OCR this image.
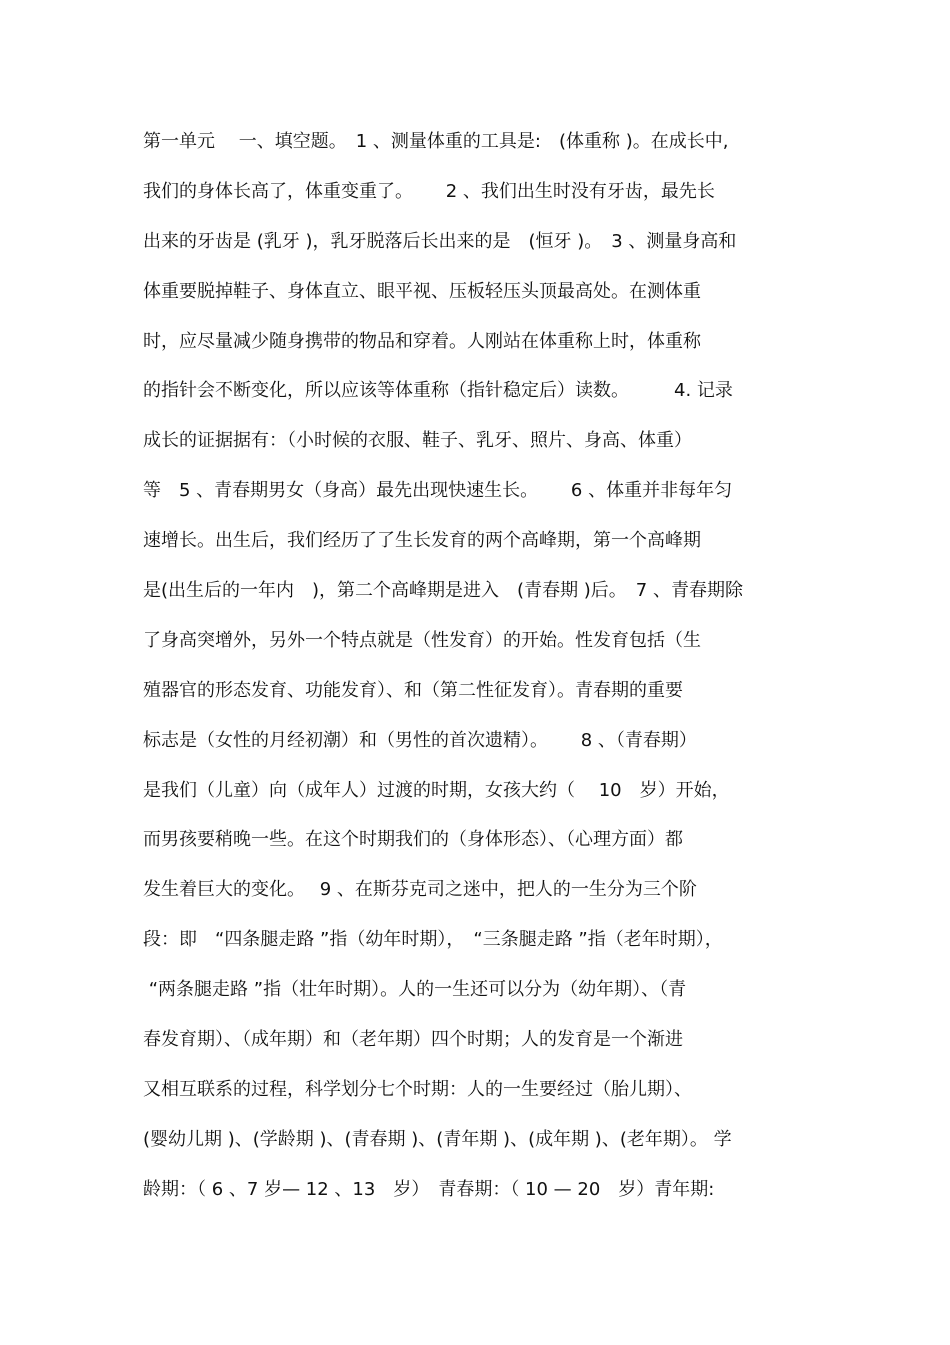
第一单元　 一、填空题。　1 、测量体重的工具是:　(体重称 )。在成长中,
我们的身体长高了，体重变重了。　　 2 、我们出生时没有牙齿，最先长
出来的牙齿是 (乳牙 )，乳牙脱落后长出来的是　(恒牙 )。　3 、测量身高和
体重要脱掉鞋子、身体直立、眼平视、压板轻压头顶最高处。在测体重
时，应尽量减少随身携带的物品和穿着。人刚站在体重称上时，体重称
的指针会不断变化，所以应该等体重称（指针稳定后）读数。　　　4. 记录
成长的证据据有：（小时候的衣服、鞋子、乳牙、照片、身高、体重）
等　5 、青春期男女（身高）最先出现快速生长。　　 6 、体重并非每年匀
速增长。出生后，我们经历了了生长发育的两个高峰期，第一个高峰期
是(出生后的一年内　)，第二个高峰期是进入　(青春期 )后。　7 、青春期除
了身高突增外，另外一个特点就是（性发育）的开始。性发育包括（生
殖器官的形态发育、功能发育）、和（第二性征发育）。青春期的重要
标志是（女性的月经初潮）和（男性的首次遗精）。　　 8 、（青春期）
是我们（儿童）向（成年人）过渡的时期，女孩大约（　 10　岁）开始，
而男孩要稍晚一些。在这个时期我们的（身体形态）、（心理方面）都
发生着巨大的变化。　 9 、在斯芬克司之迷中，把人的一生分为三个阶
段：即　“四条腿走路 ”指（幼年时期），　“三条腿走路 ”指（老年时期），
“两条腿走路 ”指（壮年时期）。人的一生还可以分为（幼年期）、（青
春发育期）、（成年期）和（老年期）四个时期；人的发育是一个渐进
又相互联系的过程，科学划分七个时期：人的一生要经过（胎儿期）、
(婴幼儿期 )、(学龄期 )、(青春期 )、(青年期 )、(成年期 )、(老年期）。 学
龄期：（ 6 、7 岁— 12 、13　岁）　青春期：（ 10 — 20　岁）青年期:
